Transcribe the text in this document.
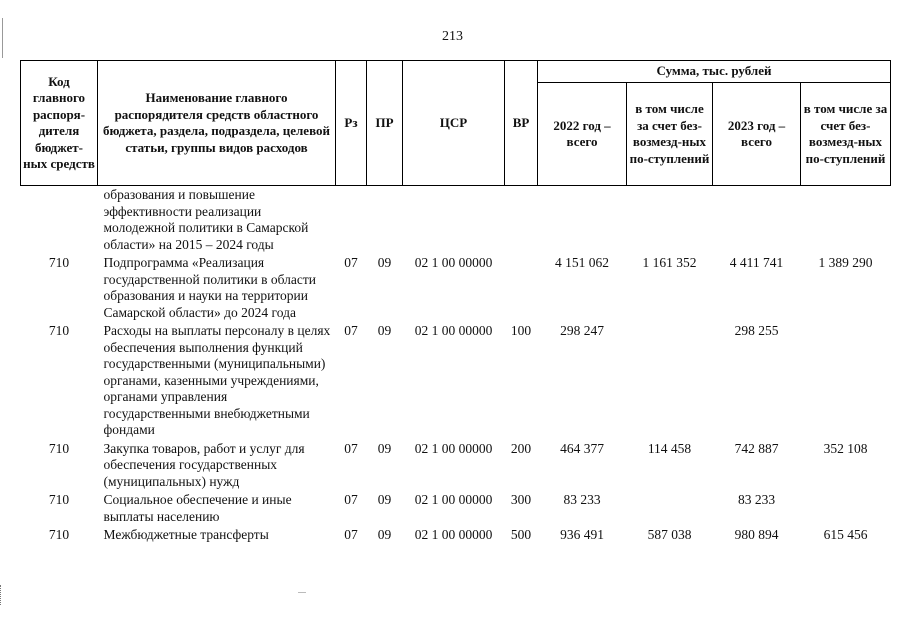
213
Код главного распоря-дителя бюджет-ных средств	Наименование главного распорядителя средств областного бюджета, раздела, подраздела, целевой статьи, группы видов расходов	Рз	ПР	ЦСР	ВР	Сумма, тыс. рублей			
						2022 год – всего	в том числе за счет без-возмезд-ных по-ступлений	2023 год – всего	в том числе за счет без-возмезд-ных по-ступлений
	образования и повышение эффективности реализации молодежной политики в Самарской области» на 2015 – 2024 годы								
710	Подпрограмма «Реализация государственной политики в области образования и науки на территории Самарской области» до 2024 года	07	09	02 1 00 00000		4 151 062	1 161 352	4 411 741	1 389 290
710	Расходы на выплаты персоналу в целях обеспечения выполнения функций государственными (муниципальными) органами, казенными учреждениями, органами управления государственными внебюджетными фондами	07	09	02 1 00 00000	100	298 247		298 255	
710	Закупка товаров, работ и услуг для обеспечения государственных (муниципальных) нужд	07	09	02 1 00 00000	200	464 377	114 458	742 887	352 108
710	Социальное обеспечение и иные выплаты населению	07	09	02 1 00 00000	300	83 233		83 233	
710	Межбюджетные трансферты	07	09	02 1 00 00000	500	936 491	587 038	980 894	615 456
